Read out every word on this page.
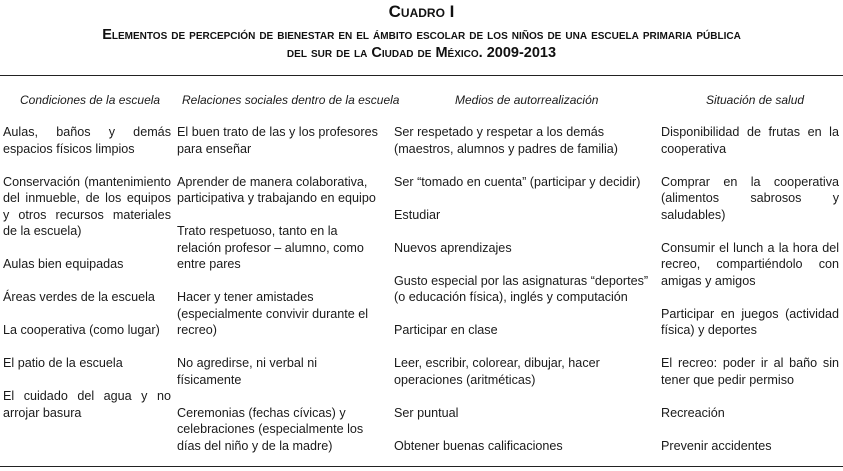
Cuadro I
Elementos de percepción de bienestar en el ámbito escolar de los niños de una escuela primaria pública
del sur de la Ciudad de México. 2009-2013
Condiciones de la escuela Relaciones sociales dentro de la escuela	Medios de autorrealización	Situación de salud
Aulas, baños y demás espacios físicos limpios
Conservación (mantenimiento del inmueble, de los equipos y otros recursos materiales de la escuela)
Aulas bien equipadas
Áreas verdes de la escuela
La cooperativa (como lugar)
El patio de la escuela
El cuidado del agua y no arrojar basura
El buen trato de las y los profesores para enseñar
Aprender de manera colaborativa, participativa y trabajando en equipo
Trato respetuoso, tanto en la relación profesor – alumno, como entre pares
Hacer y tener amistades (especialmente convivir durante el recreo)
No agredirse, ni verbal ni físicamente
Ceremonias (fechas cívicas) y celebraciones (especialmente los días del niño y de la madre)
Ser respetado y respetar a los demás (maestros, alumnos y padres de familia)
Ser “tomado en cuenta” (participar y decidir)
Estudiar
Nuevos aprendizajes
Gusto especial por las asignaturas “deportes” (o educación física), inglés y computación
Participar en clase
Leer, escribir, colorear, dibujar, hacer operaciones (aritméticas)
Ser puntual
Obtener buenas calificaciones
Disponibilidad de frutas en la cooperativa
Comprar en la cooperativa (alimentos sabrosos y saludables)
Consumir el lunch a la hora del recreo, compartiéndolo con amigas y amigos
Participar en juegos (actividad física) y deportes
El recreo: poder ir al baño sin tener que pedir permiso
Recreación
Prevenir accidentes
